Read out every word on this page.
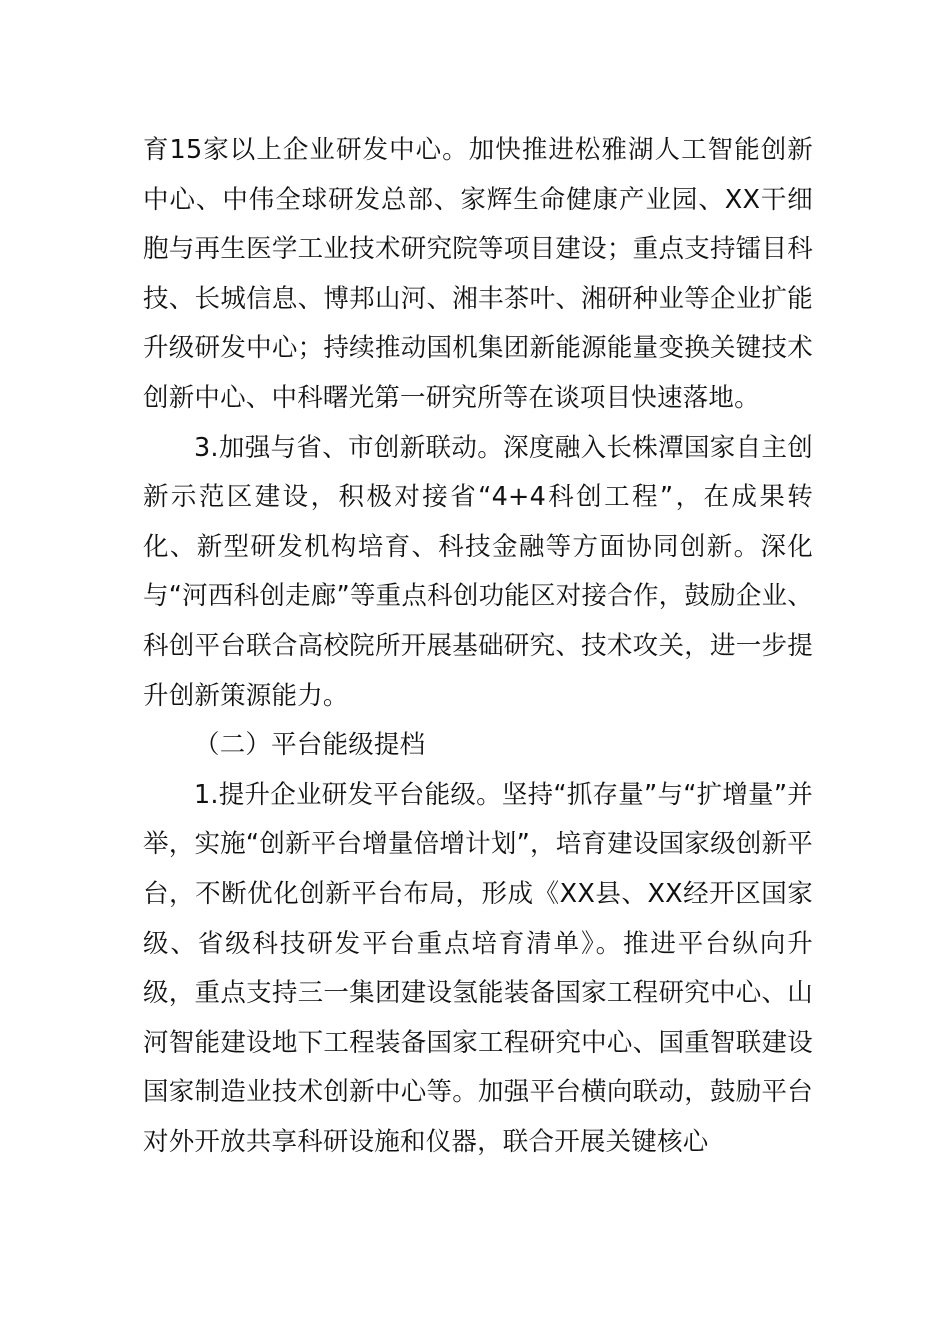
育15家以上企业研发中心。加快推进松雅湖人工智能创新中心、中伟全球研发总部、家辉生命健康产业园、XX干细胞与再生医学工业技术研究院等项目建设；重点支持镭目科技、长城信息、博邦山河、湘丰茶叶、湘研种业等企业扩能升级研发中心；持续推动国机集团新能源能量变换关键技术创新中心、中科曙光第一研究所等在谈项目快速落地。

3.加强与省、市创新联动。深度融入长株潭国家自主创新示范区建设，积极对接省“4+4科创工程”，在成果转化、新型研发机构培育、科技金融等方面协同创新。深化与“河西科创走廊”等重点科创功能区对接合作，鼓励企业、科创平台联合高校院所开展基础研究、技术攻关，进一步提升创新策源能力。

（二）平台能级提档

1.提升企业研发平台能级。坚持“抓存量”与“扩增量”并举，实施“创新平台增量倍增计划”，培育建设国家级创新平台，不断优化创新平台布局，形成《XX县、XX经开区国家级、省级科技研发平台重点培育清单》。推进平台纵向升级，重点支持三一集团建设氢能装备国家工程研究中心、山河智能建设地下工程装备国家工程研究中心、国重智联建设国家制造业技术创新中心等。加强平台横向联动，鼓励平台对外开放共享科研设施和仪器，联合开展关键核心
